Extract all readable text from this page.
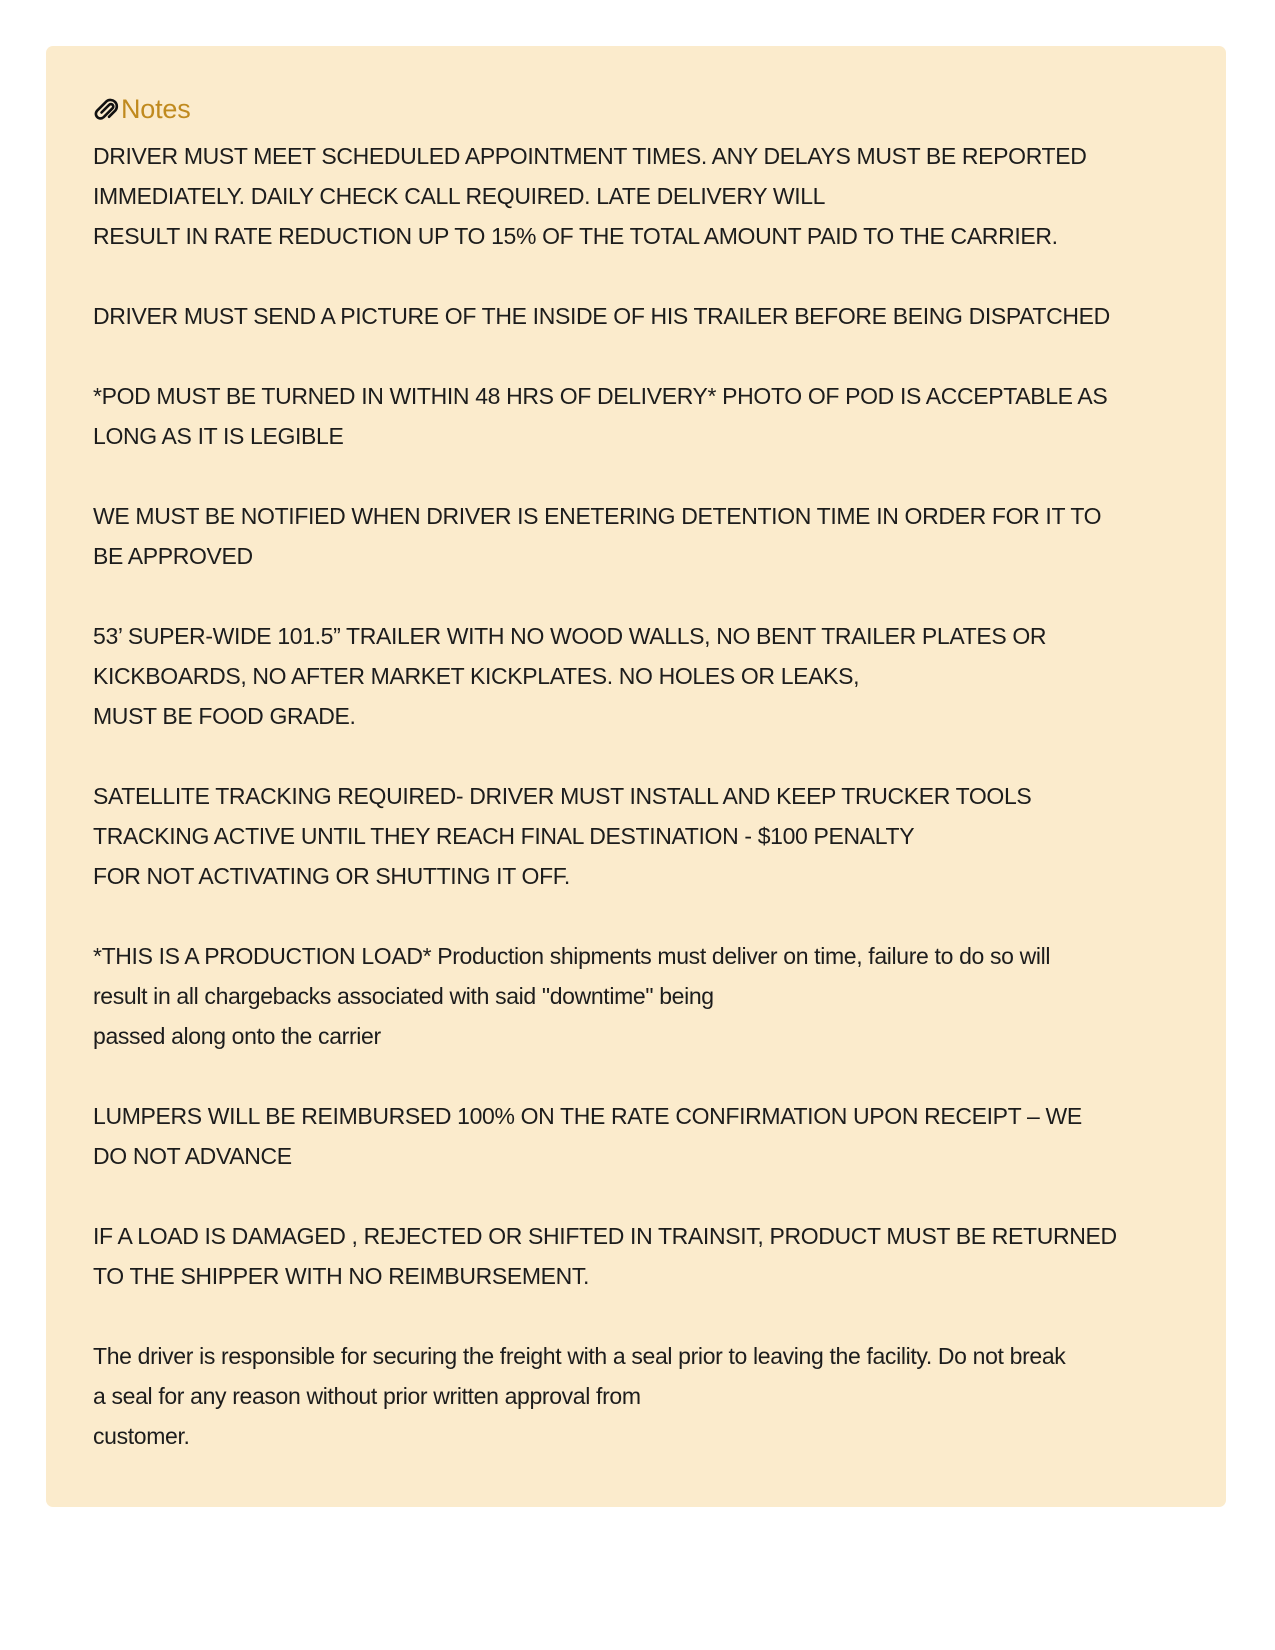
Notes

DRIVER MUST MEET SCHEDULED APPOINTMENT TIMES. ANY DELAYS MUST BE REPORTED
IMMEDIATELY. DAILY CHECK CALL REQUIRED. LATE DELIVERY WILL
RESULT IN RATE REDUCTION UP TO 15% OF THE TOTAL AMOUNT PAID TO THE CARRIER.

DRIVER MUST SEND A PICTURE OF THE INSIDE OF HIS TRAILER BEFORE BEING DISPATCHED

*POD MUST BE TURNED IN WITHIN 48 HRS OF DELIVERY* PHOTO OF POD IS ACCEPTABLE AS
LONG AS IT IS LEGIBLE

WE MUST BE NOTIFIED WHEN DRIVER IS ENETERING DETENTION TIME IN ORDER FOR IT TO
BE APPROVED

53’ SUPER-WIDE 101.5” TRAILER WITH NO WOOD WALLS, NO BENT TRAILER PLATES OR
KICKBOARDS, NO AFTER MARKET KICKPLATES. NO HOLES OR LEAKS,
MUST BE FOOD GRADE.

SATELLITE TRACKING REQUIRED- DRIVER MUST INSTALL AND KEEP TRUCKER TOOLS
TRACKING ACTIVE UNTIL THEY REACH FINAL DESTINATION - $100 PENALTY
FOR NOT ACTIVATING OR SHUTTING IT OFF.

*THIS IS A PRODUCTION LOAD* Production shipments must deliver on time, failure to do so will
result in all chargebacks associated with said "downtime" being
passed along onto the carrier

LUMPERS WILL BE REIMBURSED 100% ON THE RATE CONFIRMATION UPON RECEIPT – WE
DO NOT ADVANCE

IF A LOAD IS DAMAGED , REJECTED OR SHIFTED IN TRAINSIT, PRODUCT MUST BE RETURNED
TO THE SHIPPER WITH NO REIMBURSEMENT.

The driver is responsible for securing the freight with a seal prior to leaving the facility. Do not break
a seal for any reason without prior written approval from
customer.
